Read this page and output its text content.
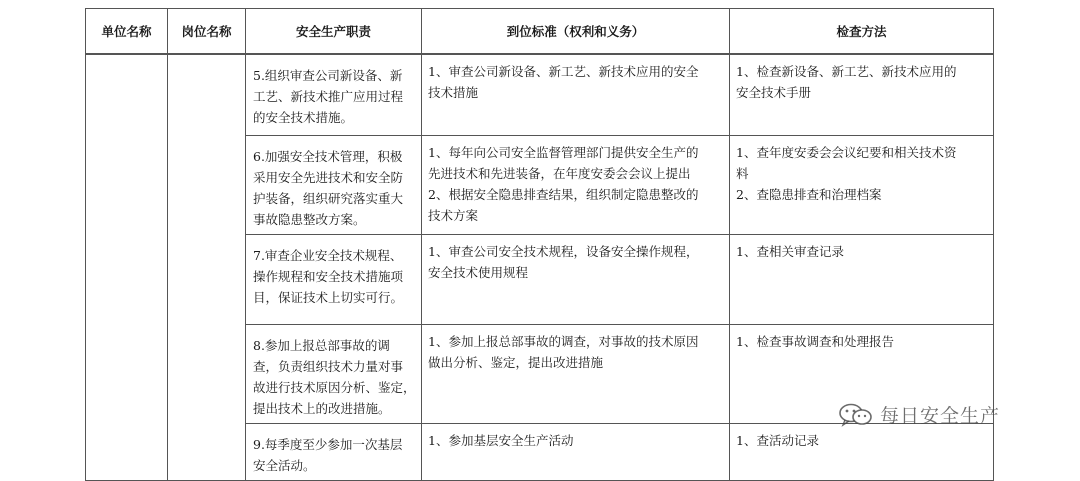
单位名称	岗位名称	安全生产职责	到位标准（权利和义务）	检查方法

		5.组织审查公司新设备、新
工艺、新技术推广应用过程
的安全技术措施。	1、审查公司新设备、新工艺、新技术应用的安全
技术措施	1、检查新设备、新工艺、新技术应用的
安全技术手册

		6.加强安全技术管理，积极
采用安全先进技术和安全防
护装备，组织研究落实重大
事故隐患整改方案。	1、每年向公司安全监督管理部门提供安全生产的
先进技术和先进装备，在年度安委会会议上提出
2、根据安全隐患排查结果，组织制定隐患整改的
技术方案	1、查年度安委会会议纪要和相关技术资
料
2、查隐患排查和治理档案

		7.审查企业安全技术规程、
操作规程和安全技术措施项
目，保证技术上切实可行。	1、审查公司安全技术规程，设备安全操作规程，
安全技术使用规程	1、查相关审查记录

		8.参加上报总部事故的调
查，负责组织技术力量对事
故进行技术原因分析、鉴定，
提出技术上的改进措施。	1、参加上报总部事故的调查，对事故的技术原因
做出分析、鉴定，提出改进措施	1、检查事故调查和处理报告

		9.每季度至少参加一次基层
安全活动。	1、参加基层安全生产活动	1、查活动记录
每日安全生产
